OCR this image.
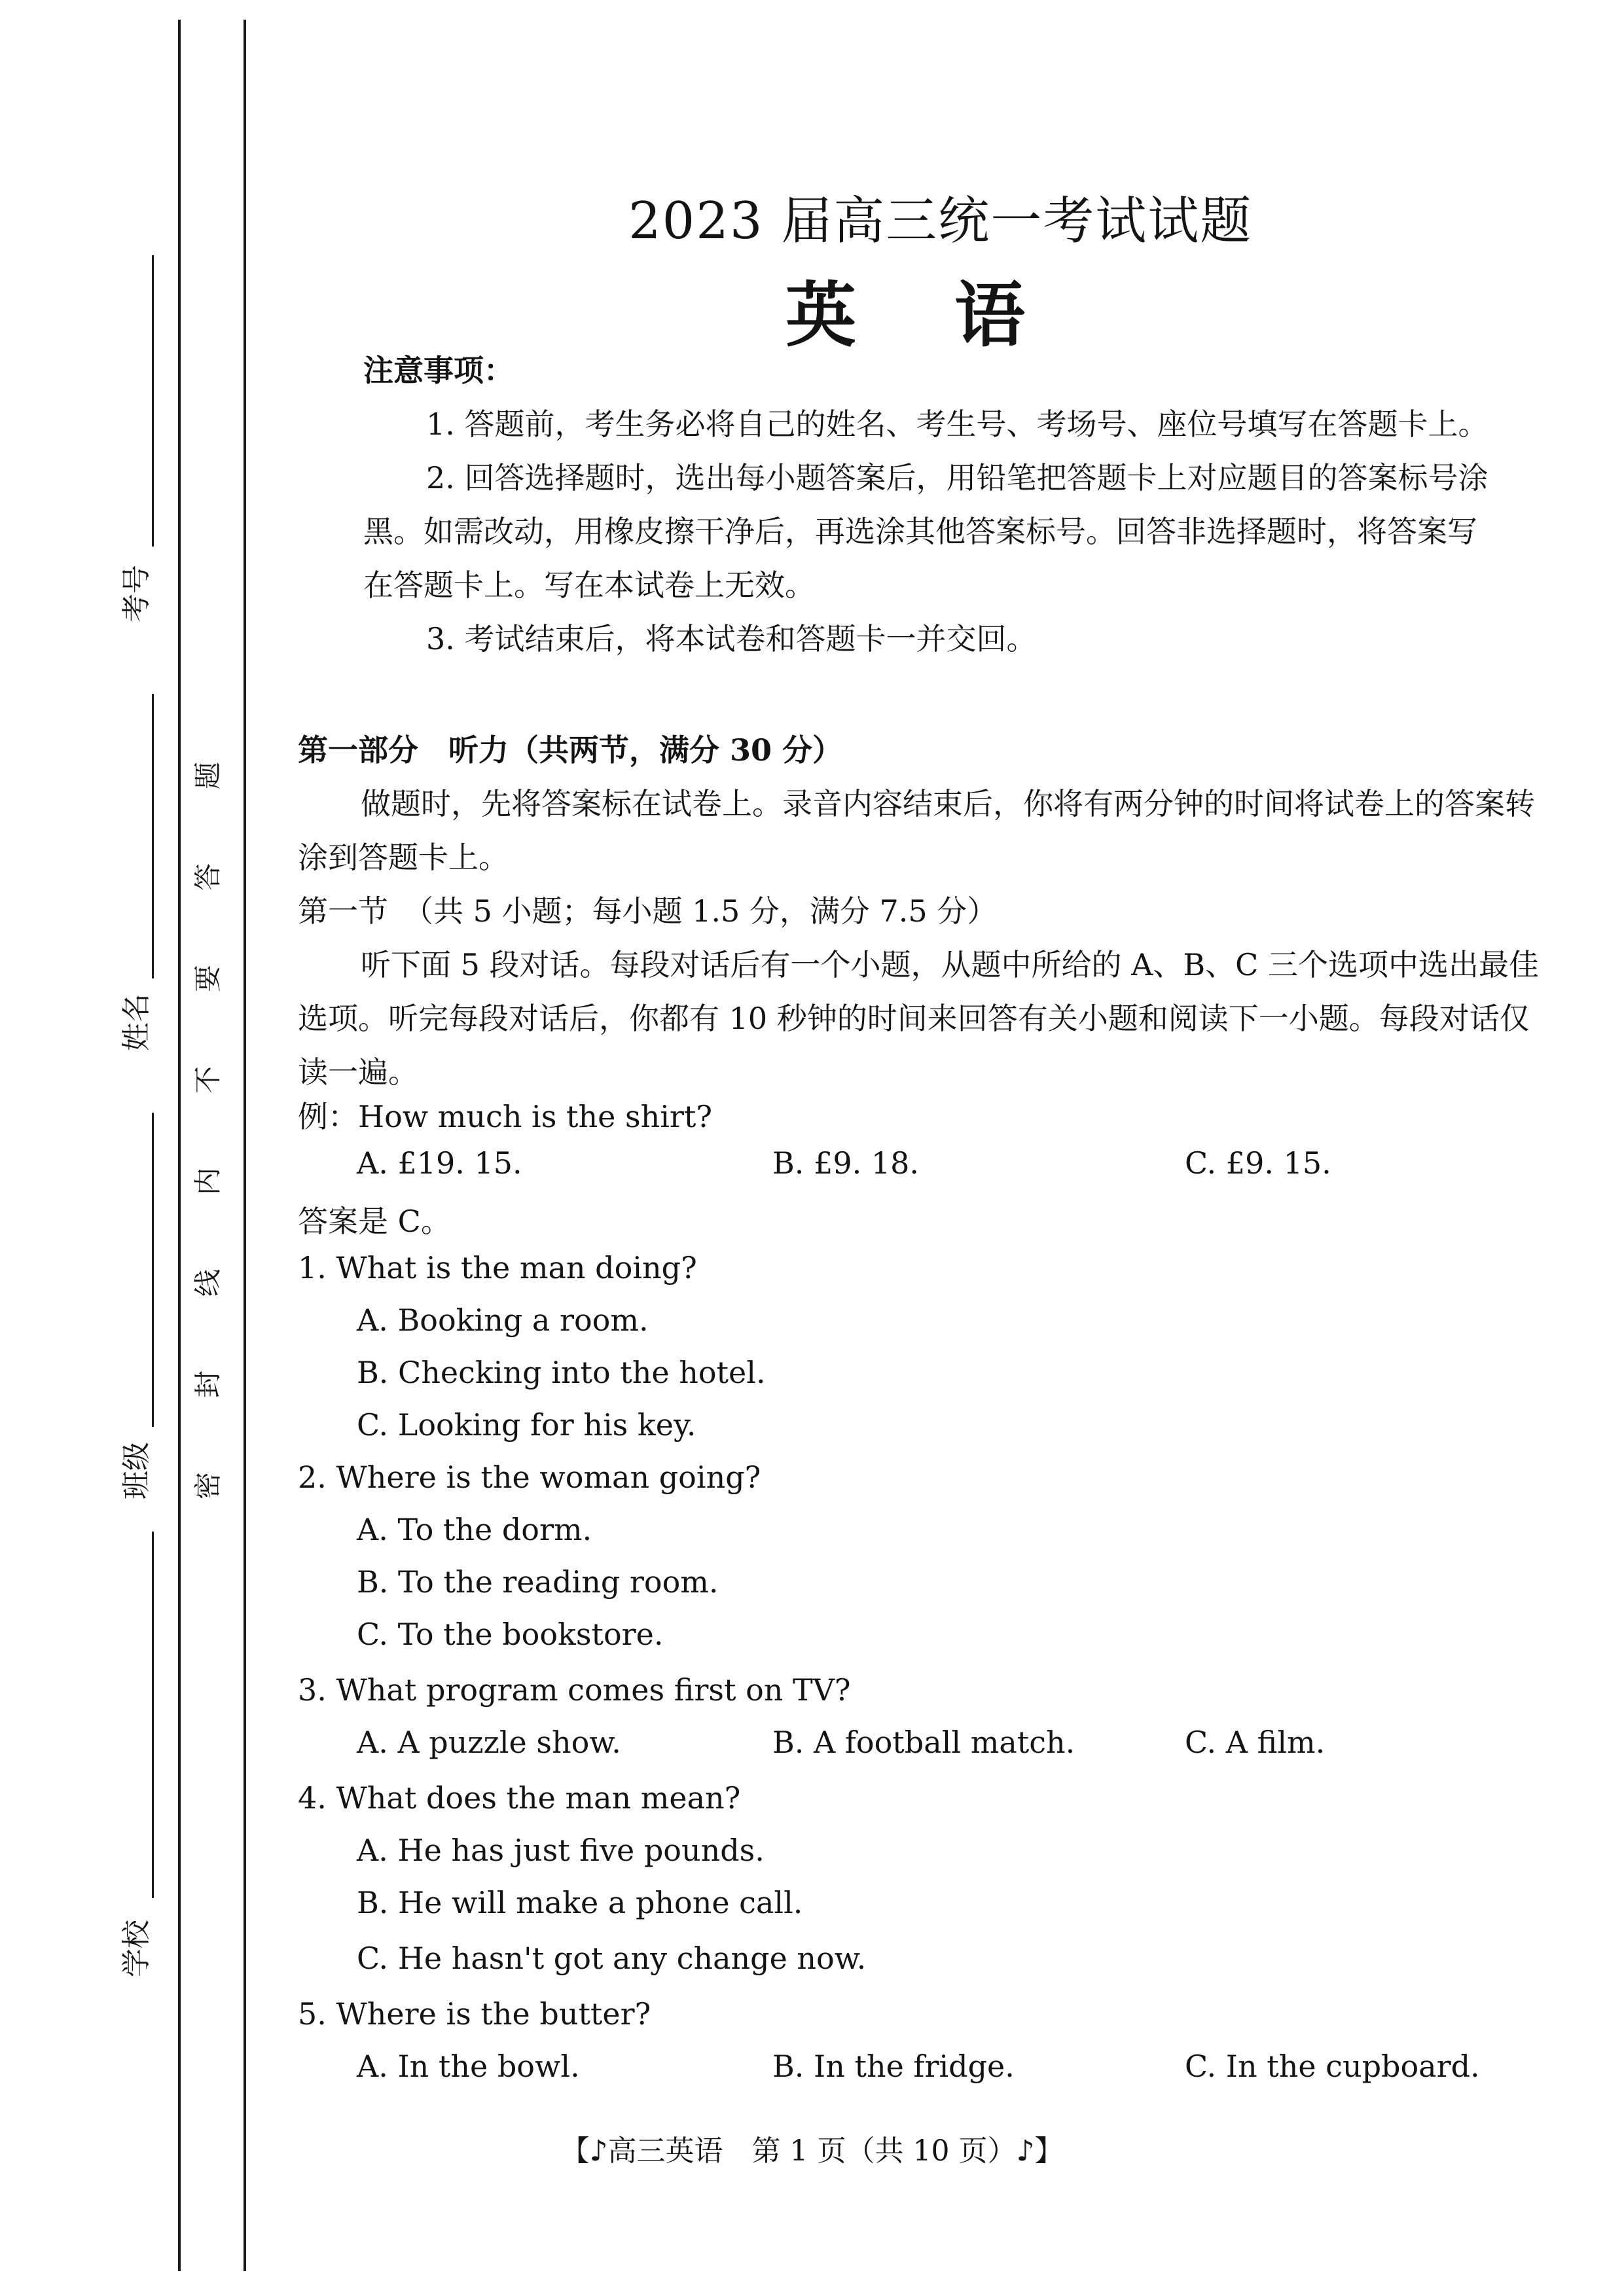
考号
姓名
班级
学校
题
答
要
不
内
线
封
密
2023 届高三统一考试试题
英语
注意事项：
1. 答题前，考生务必将自己的姓名、考生号、考场号、座位号填写在答题卡上。
2. 回答选择题时，选出每小题答案后，用铅笔把答题卡上对应题目的答案标号涂黑。如需改动，用橡皮擦干净后，再选涂其他答案标号。回答非选择题时，将答案写在答题卡上。写在本试卷上无效。
3. 考试结束后，将本试卷和答题卡一并交回。
第一部分　听力（共两节，满分 30 分）
做题时，先将答案标在试卷上。录音内容结束后，你将有两分钟的时间将试卷上的答案转涂到答题卡上。
第一节　（共 5 小题；每小题 1.5 分，满分 7.5 分）
听下面 5 段对话。每段对话后有一个小题，从题中所给的 A、B、C 三个选项中选出最佳选项。听完每段对话后，你都有 10 秒钟的时间来回答有关小题和阅读下一小题。每段对话仅读一遍。
例：How much is the shirt?
A. £19. 15.	B. £9. 18.	C. £9. 15.
答案是 C。
1. What is the man doing?
A. Booking a room.
B. Checking into the hotel.
C. Looking for his key.
2. Where is the woman going?
A. To the dorm.
B. To the reading room.
C. To the bookstore.
3. What program comes first on TV?
A. A puzzle show.	B. A football match.	C. A film.
4. What does the man mean?
A. He has just five pounds.
B. He will make a phone call.
C. He hasn't got any change now.
5. Where is the butter?
A. In the bowl.	B. In the fridge.	C. In the cupboard.
【♪高三英语　第 1 页（共 10 页）♪】
